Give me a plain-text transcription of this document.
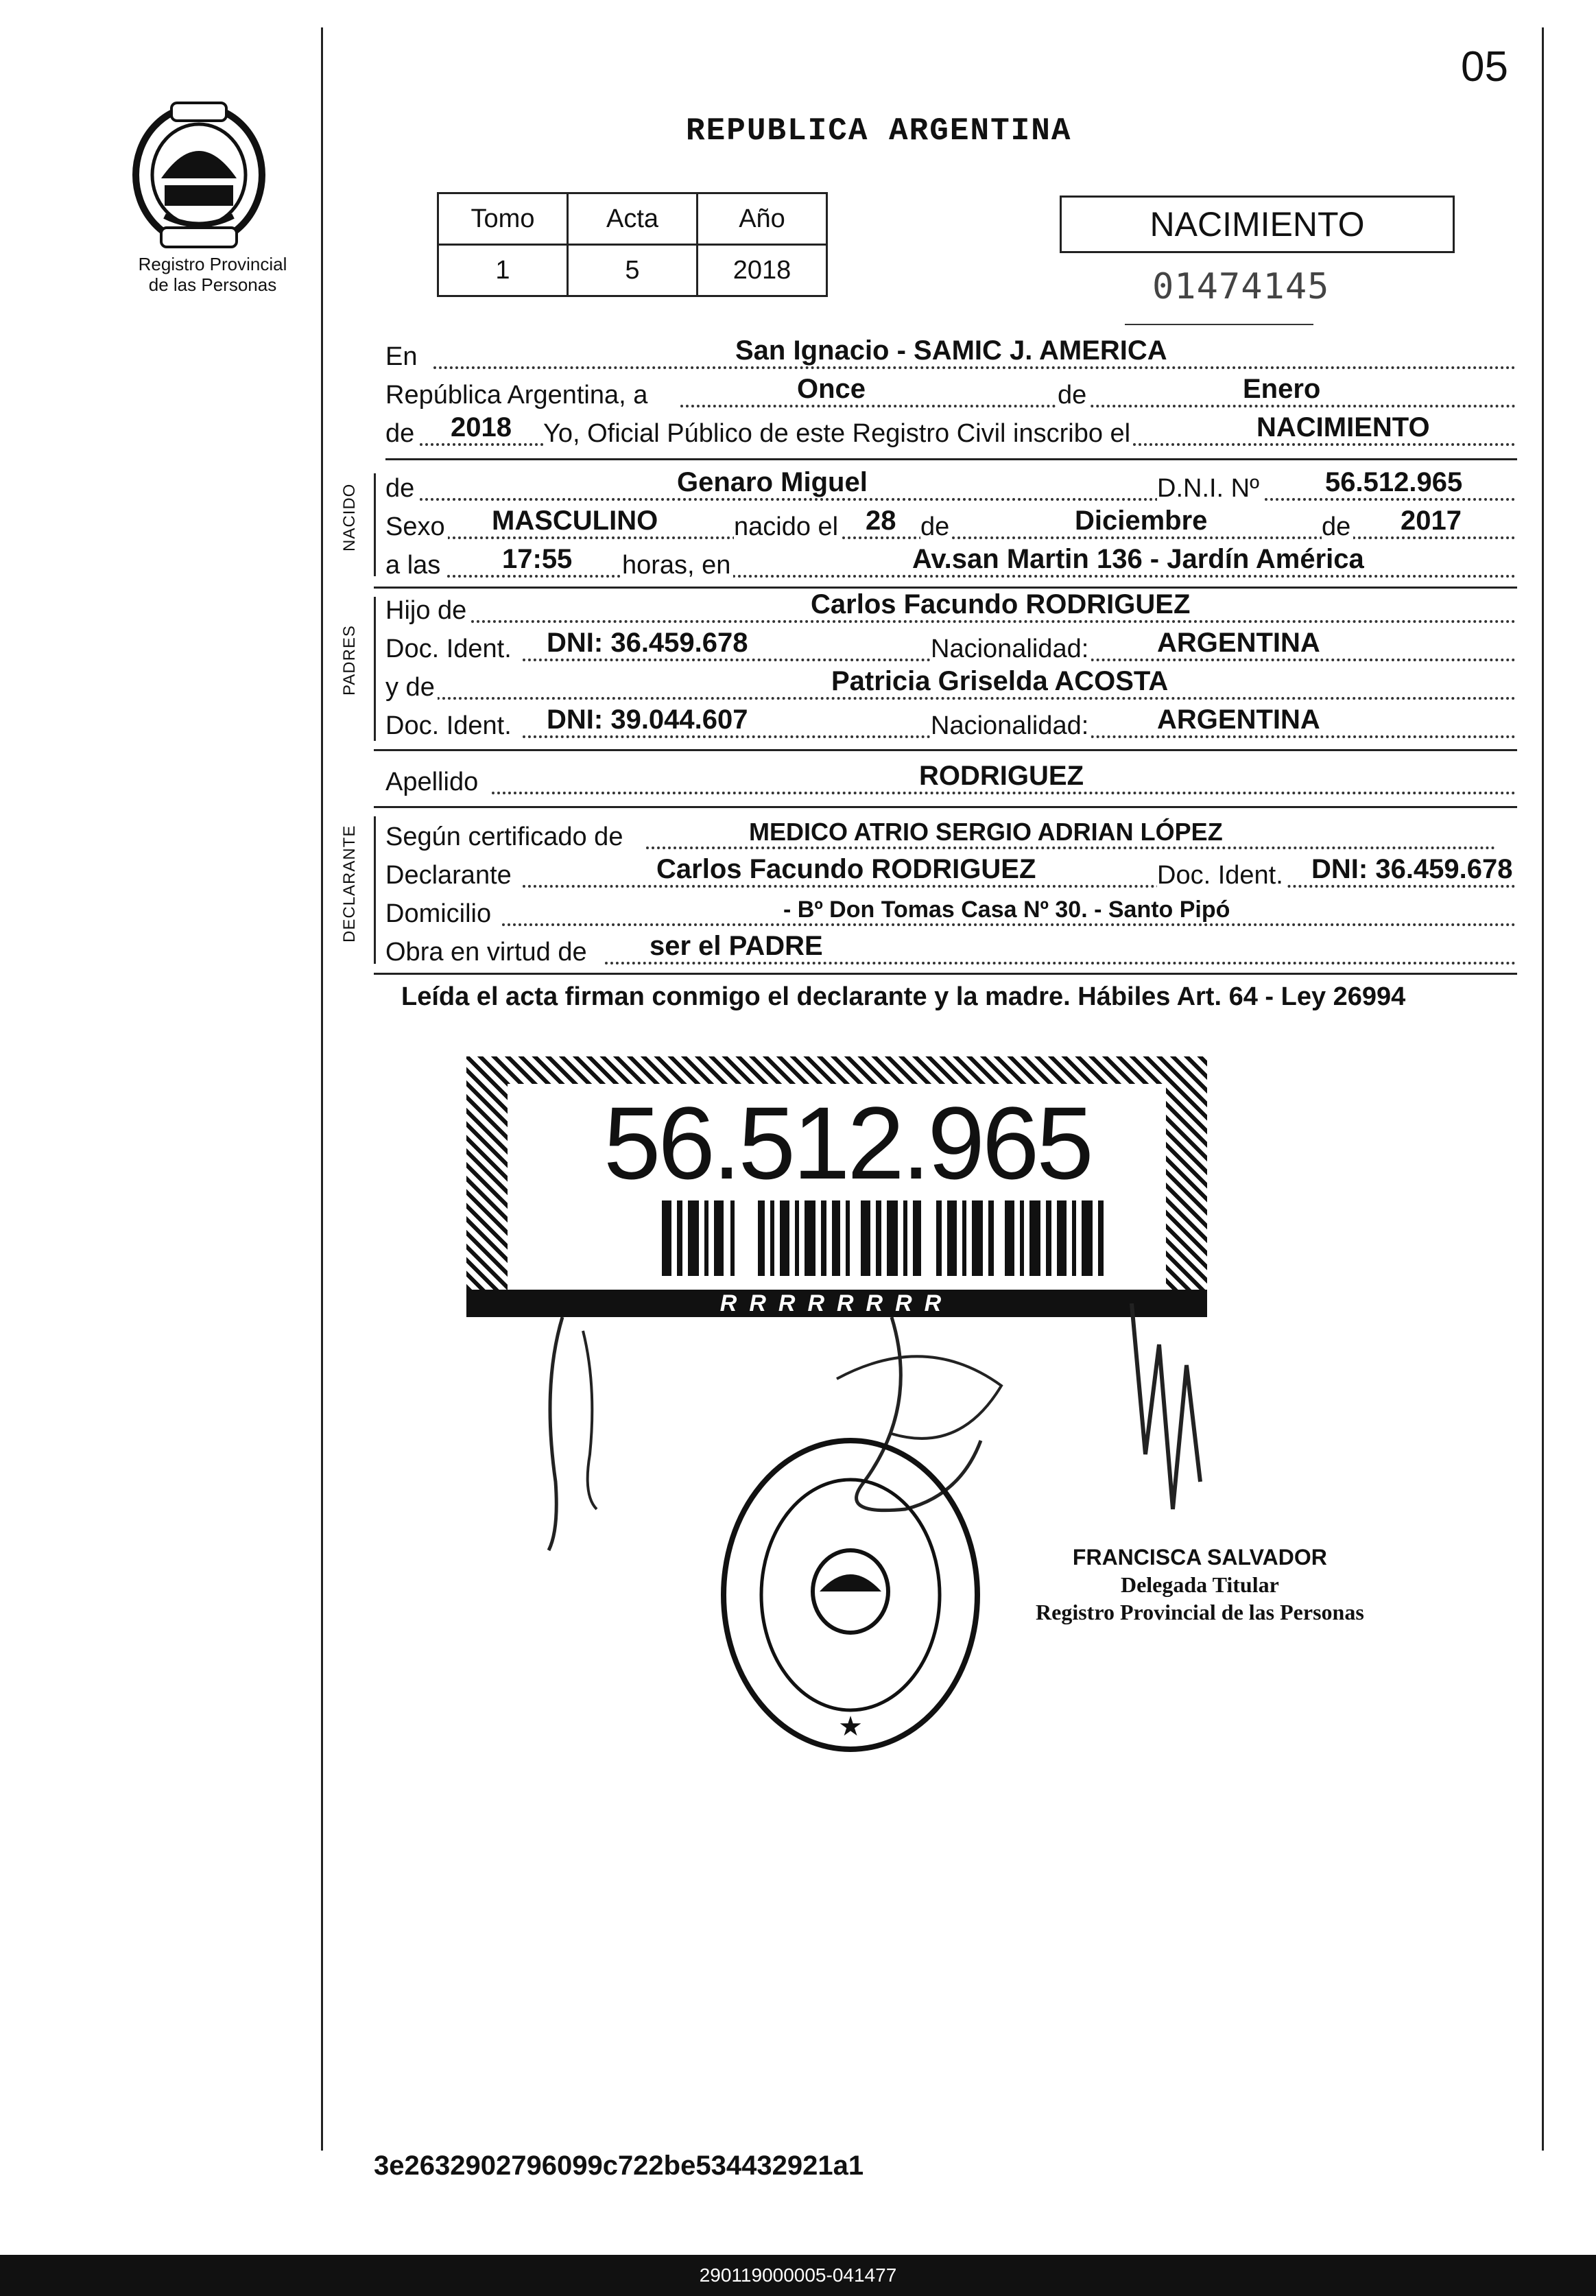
05
REPUBLICA ARGENTINA
Registro Provincial
de las Personas
Tomo	Acta	Año
1	5	2018
NACIMIENTO
01474145
En	San Ignacio - SAMIC J. AMERICA
República Argentina, a	Once	de	Enero
de 2018 Yo, Oficial Público de este Registro Civil inscribo el	NACIMIENTO
NACIDO de	Genaro Miguel	D.N.I. Nº 56.512.965
Sexo MASCULINO	nacido el 28 de	Diciembre	de 2017
a las 17:55 horas, en	Av.san Martin 136 - Jardín América
PADRES
Hijo de	Carlos Facundo RODRIGUEZ
Doc. Ident. DNI: 36.459.678	Nacionalidad: ARGENTINA
y de	Patricia Griselda ACOSTA
Doc. Ident. DNI: 39.044.607	Nacionalidad: ARGENTINA
Apellido	RODRIGUEZ
DECLARANTE Según certificado de	MEDICO ATRIO SERGIO ADRIAN LÓPEZ
Declarante	Carlos Facundo RODRIGUEZ	Doc. Ident. DNI: 36.459.678
Domicilio	- Bº Don Tomas Casa Nº 30. - Santo Pipó
Obra en virtud de ser el PADRE
Leída el acta firman conmigo el declarante y la madre. Hábiles Art. 64 - Ley 26994
56.512.965
RRRRRRRR
★
FRANCISCA SALVADOR
Delegada Titular
Registro Provincial de las Personas
3e2632902796099c722be534432921a1
290119000005-041477
